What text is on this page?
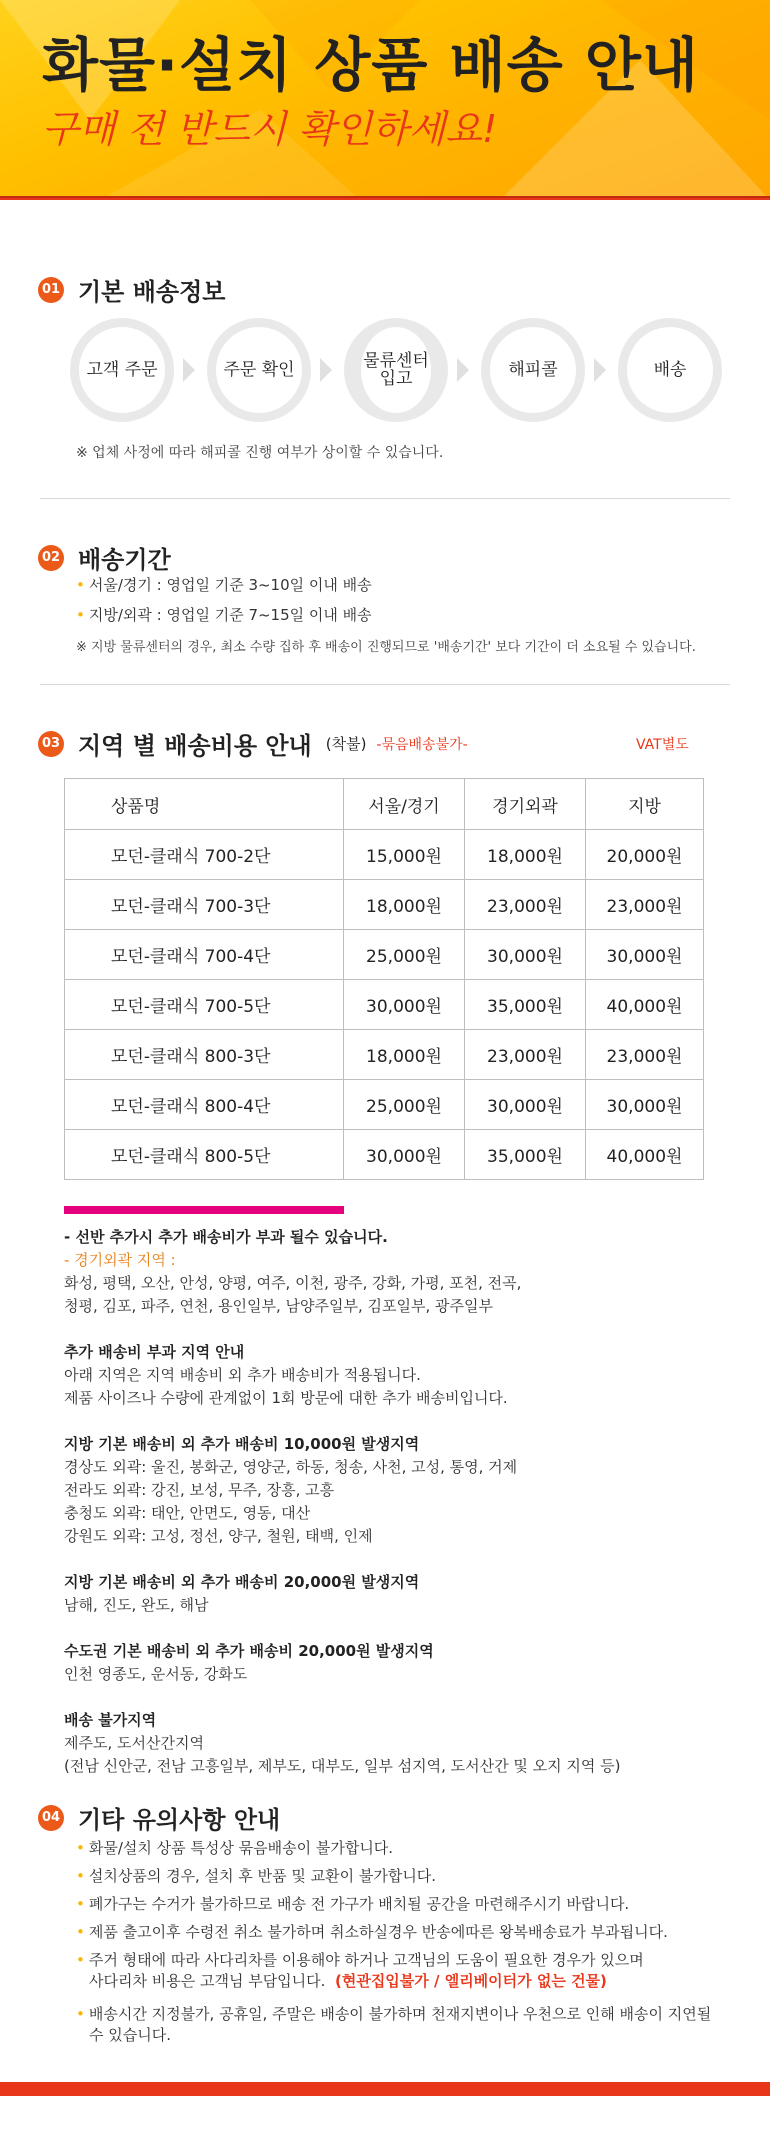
화물·설치 상품 배송 안내
구매 전 반드시 확인하세요!
01 기본 배송정보
고객 주문	주문 확인	물류센터 입고	해피콜	배송
※ 업체 사정에 따라 해피콜 진행 여부가 상이할 수 있습니다.
02 배송기간
• 서울/경기 : 영업일 기준 3~10일 이내 배송
• 지방/외곽 : 영업일 기준 7~15일 이내 배송
※ 지방 물류센터의 경우, 최소 수량 집하 후 배송이 진행되므로 '배송기간' 보다 기간이 더 소요될 수 있습니다.
03 지역 별 배송비용 안내 (착불) -묶음배송불가-	VAT별도
상품명	서울/경기	경기외곽	지방
모던-클래식 700-2단	15,000원	18,000원	20,000원
모던-클래식 700-3단	18,000원	23,000원	23,000원
모던-클래식 700-4단	25,000원	30,000원	30,000원
모던-클래식 700-5단	30,000원	35,000원	40,000원
모던-클래식 800-3단	18,000원	23,000원	23,000원
모던-클래식 800-4단	25,000원	30,000원	30,000원
모던-클래식 800-5단	30,000원	35,000원	40,000원
- 선반 추가시 추가 배송비가 부과 될수 있습니다.
- 경기외곽 지역 :
화성, 평택, 오산, 안성, 양평, 여주, 이천, 광주, 강화, 가평, 포천, 전곡,
청평, 김포, 파주, 연천, 용인일부, 남양주일부, 김포일부, 광주일부
추가 배송비 부과 지역 안내
아래 지역은 지역 배송비 외 추가 배송비가 적용됩니다.
제품 사이즈나 수량에 관계없이 1회 방문에 대한 추가 배송비입니다.
지방 기본 배송비 외 추가 배송비 10,000원 발생지역
경상도 외곽: 울진, 봉화군, 영양군, 하동, 청송, 사천, 고성, 통영, 거제
전라도 외곽: 강진, 보성, 무주, 장흥, 고흥
충청도 외곽: 태안, 안면도, 영동, 대산
강원도 외곽: 고성, 정선, 양구, 철원, 태백, 인제
지방 기본 배송비 외 추가 배송비 20,000원 발생지역
남해, 진도, 완도, 해남
수도권 기본 배송비 외 추가 배송비 20,000원 발생지역
인천 영종도, 운서동, 강화도
배송 불가지역
제주도, 도서산간지역
(전남 신안군, 전남 고흥일부, 제부도, 대부도, 일부 섬지역, 도서산간 및 오지 지역 등)
04 기타 유의사항 안내
• 화물/설치 상품 특성상 묶음배송이 불가합니다.
• 설치상품의 경우, 설치 후 반품 및 교환이 불가합니다.
• 폐가구는 수거가 불가하므로 배송 전 가구가 배치될 공간을 마련해주시기 바랍니다.
• 제품 출고이후 수령전 취소 불가하며 취소하실경우 반송에따른 왕복배송료가 부과됩니다.
• 주거 형태에 따라 사다리차를 이용해야 하거나 고객님의 도움이 필요한 경우가 있으며
사다리차 비용은 고객님 부담입니다. (현관집입불가 / 엘리베이터가 없는 건물)
• 배송시간 지정불가, 공휴일, 주말은 배송이 불가하며 천재지변이나 우천으로 인해 배송이 지연될
수 있습니다.
